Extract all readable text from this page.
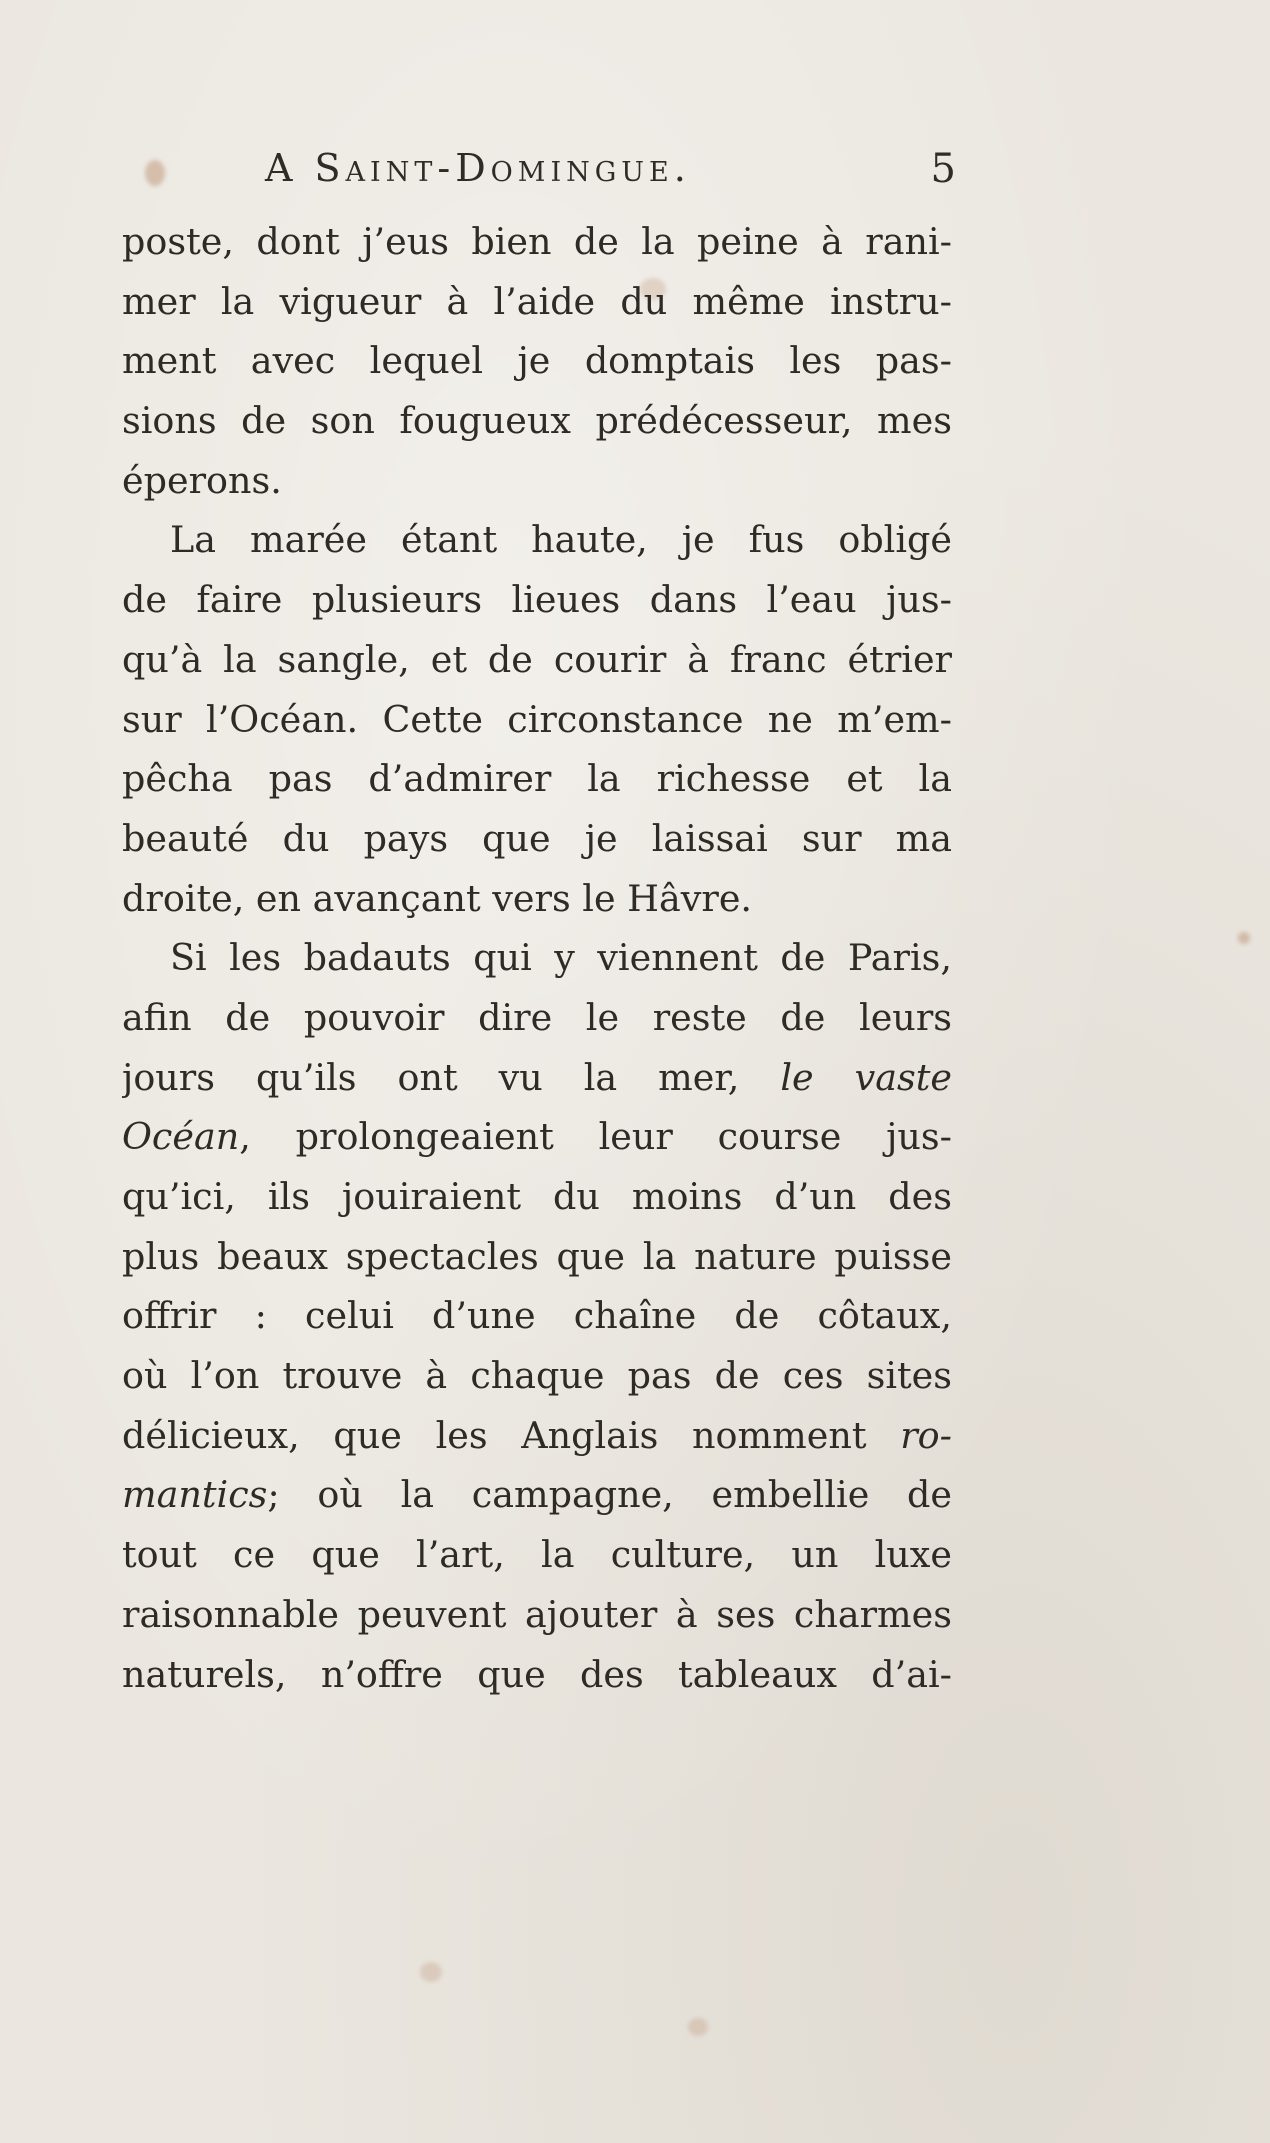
A Saint-Domingue.	5
poste, dont j’eus bien de la peine à rani-
mer la vigueur à l’aide du même instru-
ment avec lequel je domptais les pas-
sions de son fougueux prédécesseur, mes
éperons.
La marée étant haute, je fus obligé
de faire plusieurs lieues dans l’eau jus-
qu’à la sangle, et de courir à franc étrier
sur l’Océan. Cette circonstance ne m’em-
pêcha pas d’admirer la richesse et la
beauté du pays que je laissai sur ma
droite, en avançant vers le Hâvre.
Si les badauts qui y viennent de Paris,
afin de pouvoir dire le reste de leurs
jours qu’ils ont vu la mer, le vaste
Océan, prolongeaient leur course jus-
qu’ici, ils jouiraient du moins d’un des
plus beaux spectacles que la nature puisse
offrir : celui d’une chaîne de côtaux,
où l’on trouve à chaque pas de ces sites
délicieux, que les Anglais nomment ro-
mantics; où la campagne, embellie de
tout ce que l’art, la culture, un luxe
raisonnable peuvent ajouter à ses charmes
naturels, n’offre que des tableaux d’ai-
